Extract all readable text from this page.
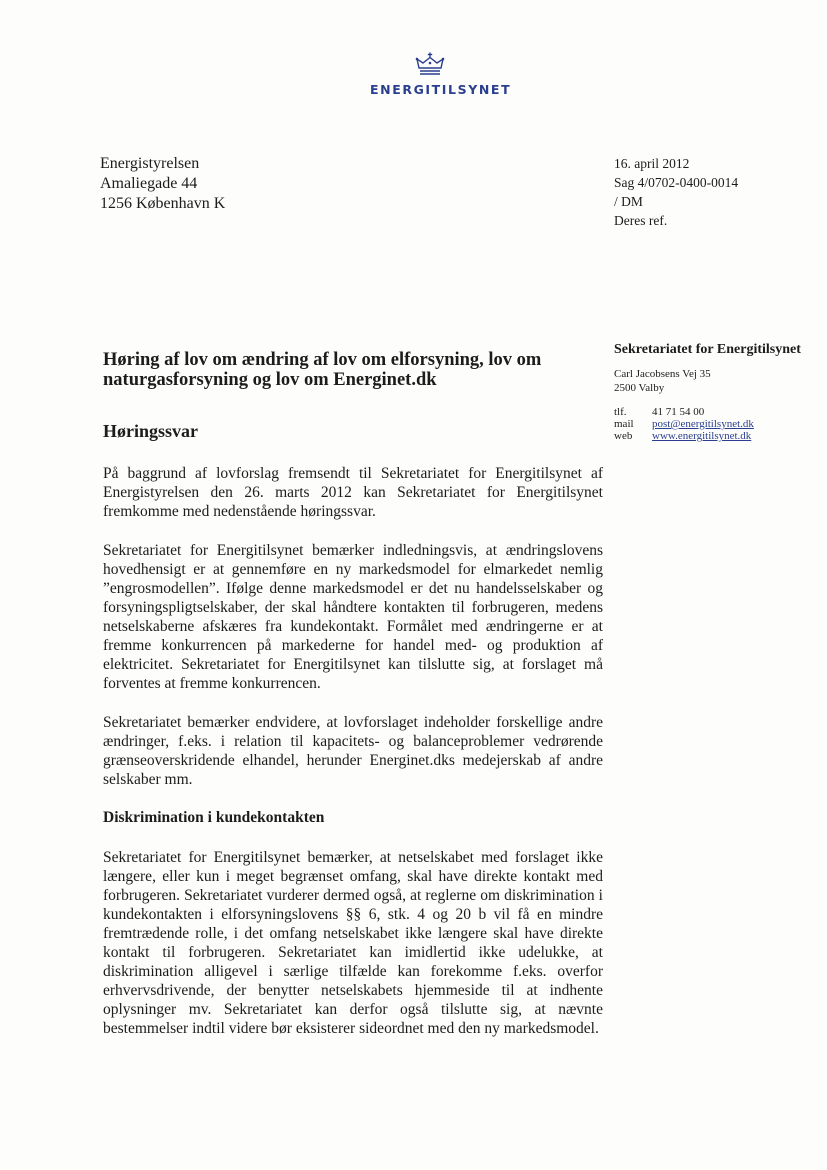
ENERGITILSYNET
Energistyrelsen
Amaliegade 44
1256 København K
16. april 2012
Sag 4/0702-0400-0014
/ DM
Deres ref.
Sekretariatet for Energitilsynet
Carl Jacobsens Vej 35
2500 Valby
tlf. 41 71 54 00
mail post@energitilsynet.dk
web www.energitilsynet.dk
Høring af lov om ændring af lov om elforsyning, lov om naturgasforsyning og lov om Energinet.dk
Høringssvar

På baggrund af lovforslag fremsendt til Sekretariatet for Energitilsynet af Energistyrelsen den 26. marts 2012 kan Sekretariatet for Energitilsynet fremkomme med nedenstående høringssvar.

Sekretariatet for Energitilsynet bemærker indledningsvis, at ændringslovens hovedhensigt er at gennemføre en ny markedsmodel for elmarkedet nemlig ”engrosmodellen”. Ifølge denne markedsmodel er det nu handelsselskaber og forsyningspligtselskaber, der skal håndtere kontakten til forbrugeren, medens netselskaberne afskæres fra kundekontakt. Formålet med ændringerne er at fremme konkurrencen på markederne for handel med- og produktion af elektricitet. Sekretariatet for Energitilsynet kan tilslutte sig, at forslaget må forventes at fremme konkurrencen.

Sekretariatet bemærker endvidere, at lovforslaget indeholder forskellige andre ændringer, f.eks. i relation til kapacitets- og balanceproblemer vedrørende grænseoverskridende elhandel, herunder Energinet.dks medejerskab af andre selskaber mm.

Diskrimination i kundekontakten

Sekretariatet for Energitilsynet bemærker, at netselskabet med forslaget ikke længere, eller kun i meget begrænset omfang, skal have direkte kontakt med forbrugeren. Sekretariatet vurderer dermed også, at reglerne om diskrimination i kundekontakten i elforsyningslovens §§ 6, stk. 4 og 20 b vil få en mindre fremtrædende rolle, i det omfang netselskabet ikke længere skal have direkte kontakt til forbrugeren. Sekretariatet kan imidlertid ikke udelukke, at diskrimination alligevel i særlige tilfælde kan forekomme f.eks. overfor erhvervsdrivende, der benytter netselskabets hjemmeside til at indhente oplysninger mv. Sekretariatet kan derfor også tilslutte sig, at nævnte bestemmelser indtil videre bør eksisterer sideordnet med den ny markedsmodel.
